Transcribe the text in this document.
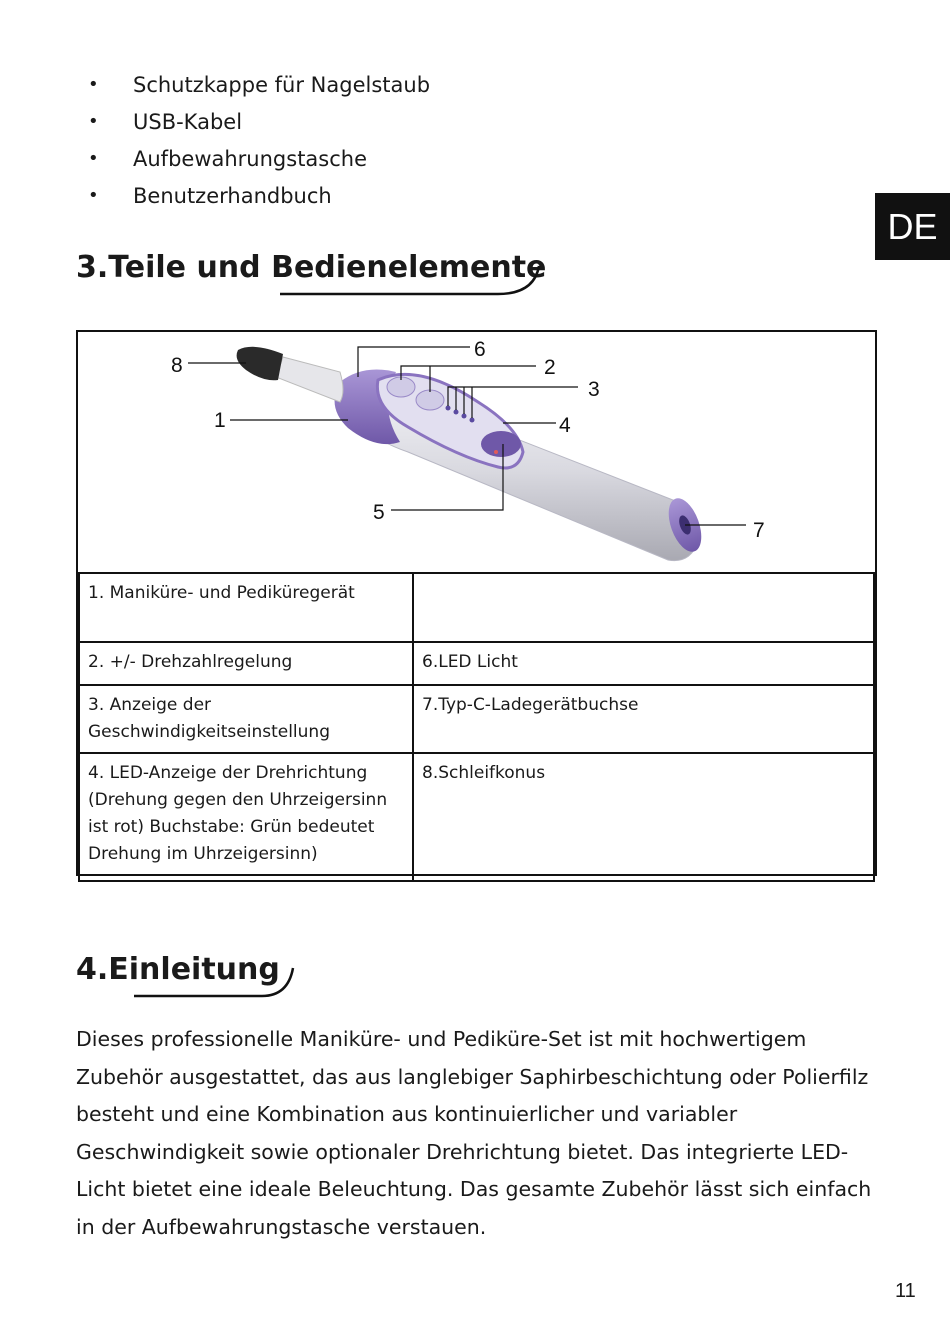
• Schutzkappe für Nagelstaub
• USB-Kabel
• Aufbewahrungstasche
• Benutzerhandbuch
DE
3.Teile und Bedienelemente
8
1
6
2
3
4
5
7
1. Maniküre- und Pediküregerät	
2. +/- Drehzahlregelung	6.LED Licht
3. Anzeige der Geschwindigkeitseinstellung	7.Typ-C-Ladegerätbuchse
4. LED-Anzeige der Drehrichtung (Drehung gegen den Uhrzeigersinn ist rot) Buchstabe: Grün bedeutet Drehung im Uhrzeigersinn)	8.Schleifkonus
4.Einleitung

Dieses professionelle Maniküre- und Pediküre-Set ist mit hochwertigem Zubehör ausgestattet, das aus langlebiger Saphirbeschichtung oder Polierfilz besteht und eine Kombination aus kontinuierlicher und variabler Geschwindigkeit sowie optionaler Drehrichtung bietet. Das integrierte LED-Licht bietet eine ideale Beleuchtung. Das gesamte Zubehör lässt sich einfach in der Aufbewahrungstasche verstauen.

11
